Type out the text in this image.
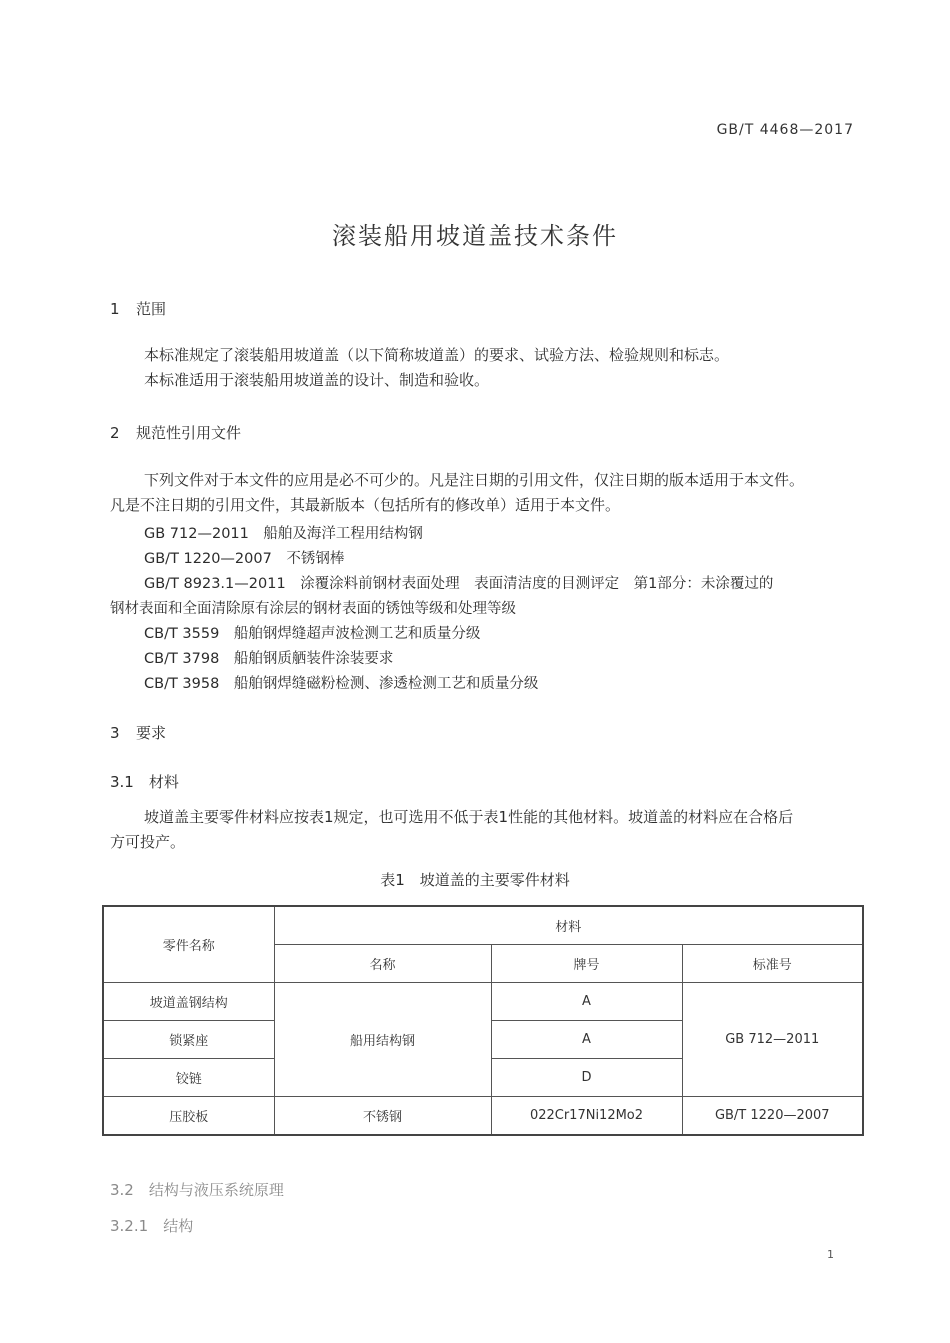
GB/T 4468—2017
滚装船用坡道盖技术条件
1 范围
本标准规定了滚装船用坡道盖（以下简称坡道盖）的要求、试验方法、检验规则和标志。
本标准适用于滚装船用坡道盖的设计、制造和验收。
2 规范性引用文件
下列文件对于本文件的应用是必不可少的。凡是注日期的引用文件，仅注日期的版本适用于本文件。
凡是不注日期的引用文件，其最新版本（包括所有的修改单）适用于本文件。
GB 712—2011　 船舶及海洋工程用结构钢
GB/T 1220—2007　 不锈钢棒
GB/T 8923.1—2011　 涂覆涂料前钢材表面处理　表面清洁度的目测评定　第1部分：未涂覆过的
钢材表面和全面清除原有涂层的钢材表面的锈蚀等级和处理等级
CB/T 3559　 船舶钢焊缝超声波检测工艺和质量分级
CB/T 3798　 船舶钢质舾装件涂装要求
CB/T 3958　 船舶钢焊缝磁粉检测、渗透检测工艺和质量分级
3 要求
3.1　 材料
坡道盖主要零件材料应按表1规定，也可选用不低于表1性能的其他材料。坡道盖的材料应在合格后
方可投产。
表1　坡道盖的主要零件材料
零件名称	材料		
	名称	牌号	标准号
坡道盖钢结构	船用结构钢	A	GB 712—2011
锁紧座		A	
铰链		D	
压胶板	不锈钢	022Cr17Ni12Mo2	GB/T 1220—2007
3.2　 结构与液压系统原理
3.2.1　 结构
1
